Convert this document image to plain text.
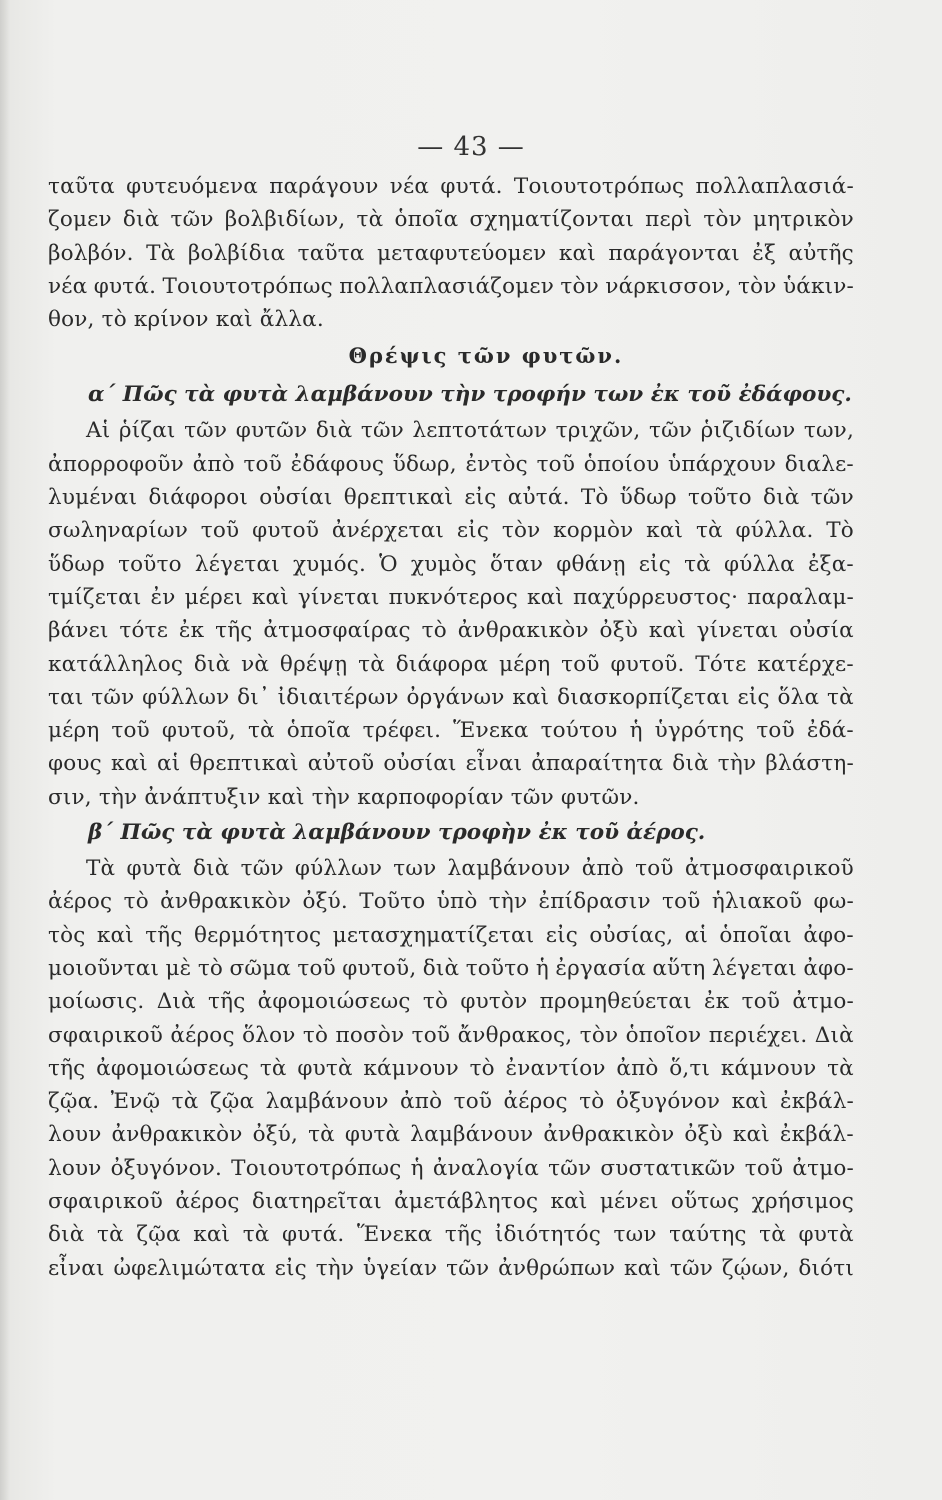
— 43 —
ταῦτα φυτευόμενα παράγουν νέα φυτά. Τοιουτοτρόπως πολλαπλασιά-
ζομεν διὰ τῶν βολβιδίων, τὰ ὁποῖα σχηματίζονται περὶ τὸν μητρικὸν
βολβόν. Τὰ βολβίδια ταῦτα μεταφυτεύομεν καὶ παράγονται ἐξ αὐτῆς
νέα φυτά. Τοιουτοτρόπως πολλαπλασιάζομεν τὸν νάρκισσον, τὸν ὑάκιν-
θον, τὸ κρίνον καὶ ἄλλα.
Θρέψις τῶν φυτῶν.
α΄ Πῶς τὰ φυτὰ λαμβάνουν τὴν τροφήν των ἐκ τοῦ ἐδάφους.
Αἱ ῥίζαι τῶν φυτῶν διὰ τῶν λεπτοτάτων τριχῶν, τῶν ῥιζιδίων των,
ἀπορροφοῦν ἀπὸ τοῦ ἐδάφους ὕδωρ, ἐντὸς τοῦ ὁποίου ὑπάρχουν διαλε-
λυμέναι διάφοροι οὐσίαι θρεπτικαὶ εἰς αὐτά. Τὸ ὕδωρ τοῦτο διὰ τῶν
σωληναρίων τοῦ φυτοῦ ἀνέρχεται εἰς τὸν κορμὸν καὶ τὰ φύλλα. Τὸ
ὕδωρ τοῦτο λέγεται χυμός. Ὁ χυμὸς ὅταν φθάνῃ εἰς τὰ φύλλα ἐξα-
τμίζεται ἐν μέρει καὶ γίνεται πυκνότερος καὶ παχύρρευστος· παραλαμ-
βάνει τότε ἐκ τῆς ἀτμοσφαίρας τὸ ἀνθρακικὸν ὀξὺ καὶ γίνεται οὐσία
κατάλληλος διὰ νὰ θρέψῃ τὰ διάφορα μέρη τοῦ φυτοῦ. Τότε κατέρχε-
ται τῶν φύλλων δι᾽ ἰδιαιτέρων ὀργάνων καὶ διασκορπίζεται εἰς ὅλα τὰ
μέρη τοῦ φυτοῦ, τὰ ὁποῖα τρέφει. Ἕνεκα τούτου ἡ ὑγρότης τοῦ ἐδά-
φους καὶ αἱ θρεπτικαὶ αὐτοῦ οὐσίαι εἶναι ἀπαραίτητα διὰ τὴν βλάστη-
σιν, τὴν ἀνάπτυξιν καὶ τὴν καρποφορίαν τῶν φυτῶν.
β΄ Πῶς τὰ φυτὰ λαμβάνουν τροφὴν ἐκ τοῦ ἀέρος.
Τὰ φυτὰ διὰ τῶν φύλλων των λαμβάνουν ἀπὸ τοῦ ἀτμοσφαιρικοῦ
ἀέρος τὸ ἀνθρακικὸν ὀξύ. Τοῦτο ὑπὸ τὴν ἐπίδρασιν τοῦ ἡλιακοῦ φω-
τὸς καὶ τῆς θερμότητος μετασχηματίζεται εἰς οὐσίας, αἱ ὁποῖαι ἀφο-
μοιοῦνται μὲ τὸ σῶμα τοῦ φυτοῦ, διὰ τοῦτο ἡ ἐργασία αὕτη λέγεται ἀφο-
μοίωσις. Διὰ τῆς ἀφομοιώσεως τὸ φυτὸν προμηθεύεται ἐκ τοῦ ἀτμο-
σφαιρικοῦ ἀέρος ὅλον τὸ ποσὸν τοῦ ἄνθρακος, τὸν ὁποῖον περιέχει. Διὰ
τῆς ἀφομοιώσεως τὰ φυτὰ κάμνουν τὸ ἐναντίον ἀπὸ ὅ,τι κάμνουν τὰ
ζῷα. Ἐνῷ τὰ ζῷα λαμβάνουν ἀπὸ τοῦ ἀέρος τὸ ὀξυγόνον καὶ ἐκβάλ-
λουν ἀνθρακικὸν ὀξύ, τὰ φυτὰ λαμβάνουν ἀνθρακικὸν ὀξὺ καὶ ἐκβάλ-
λουν ὀξυγόνον. Τοιουτοτρόπως ἡ ἀναλογία τῶν συστατικῶν τοῦ ἀτμο-
σφαιρικοῦ ἀέρος διατηρεῖται ἀμετάβλητος καὶ μένει οὕτως χρήσιμος
διὰ τὰ ζῷα καὶ τὰ φυτά. Ἕνεκα τῆς ἰδιότητός των ταύτης τὰ φυτὰ
εἶναι ὠφελιμώτατα εἰς τὴν ὑγείαν τῶν ἀνθρώπων καὶ τῶν ζῴων, διότι
